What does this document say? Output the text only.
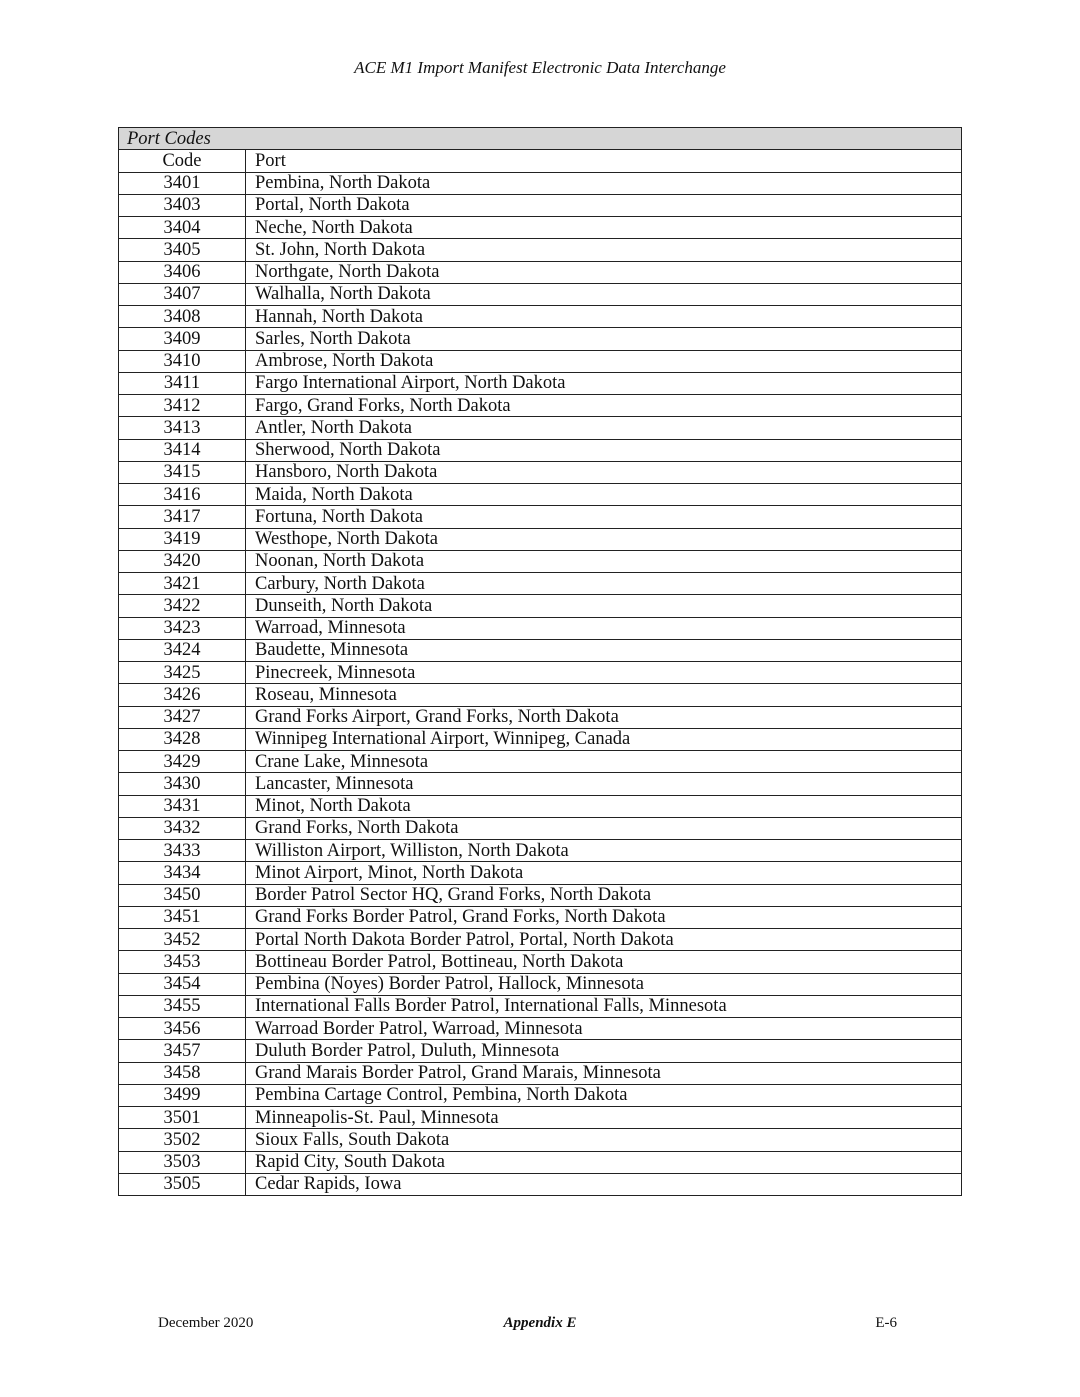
ACE M1 Import Manifest Electronic Data Interchange
Port Codes	
Code	Port
3401	Pembina, North Dakota
3403	Portal, North Dakota
3404	Neche, North Dakota
3405	St. John, North Dakota
3406	Northgate, North Dakota
3407	Walhalla, North Dakota
3408	Hannah, North Dakota
3409	Sarles, North Dakota
3410	Ambrose, North Dakota
3411	Fargo International Airport, North Dakota
3412	Fargo, Grand Forks, North Dakota
3413	Antler, North Dakota
3414	Sherwood, North Dakota
3415	Hansboro, North Dakota
3416	Maida, North Dakota
3417	Fortuna, North Dakota
3419	Westhope, North Dakota
3420	Noonan, North Dakota
3421	Carbury, North Dakota
3422	Dunseith, North Dakota
3423	Warroad, Minnesota
3424	Baudette, Minnesota
3425	Pinecreek, Minnesota
3426	Roseau, Minnesota
3427	Grand Forks Airport, Grand Forks, North Dakota
3428	Winnipeg International Airport, Winnipeg, Canada
3429	Crane Lake, Minnesota
3430	Lancaster, Minnesota
3431	Minot, North Dakota
3432	Grand Forks, North Dakota
3433	Williston Airport, Williston, North Dakota
3434	Minot Airport, Minot, North Dakota
3450	Border Patrol Sector HQ, Grand Forks, North Dakota
3451	Grand Forks Border Patrol, Grand Forks, North Dakota
3452	Portal North Dakota Border Patrol, Portal, North Dakota
3453	Bottineau Border Patrol, Bottineau, North Dakota
3454	Pembina (Noyes) Border Patrol, Hallock, Minnesota
3455	International Falls Border Patrol, International Falls, Minnesota
3456	Warroad Border Patrol, Warroad, Minnesota
3457	Duluth Border Patrol, Duluth, Minnesota
3458	Grand Marais Border Patrol, Grand Marais, Minnesota
3499	Pembina Cartage Control, Pembina, North Dakota
3501	Minneapolis-St. Paul, Minnesota
3502	Sioux Falls, South Dakota
3503	Rapid City, South Dakota
3505	Cedar Rapids, Iowa
December 2020	Appendix E	E-6
